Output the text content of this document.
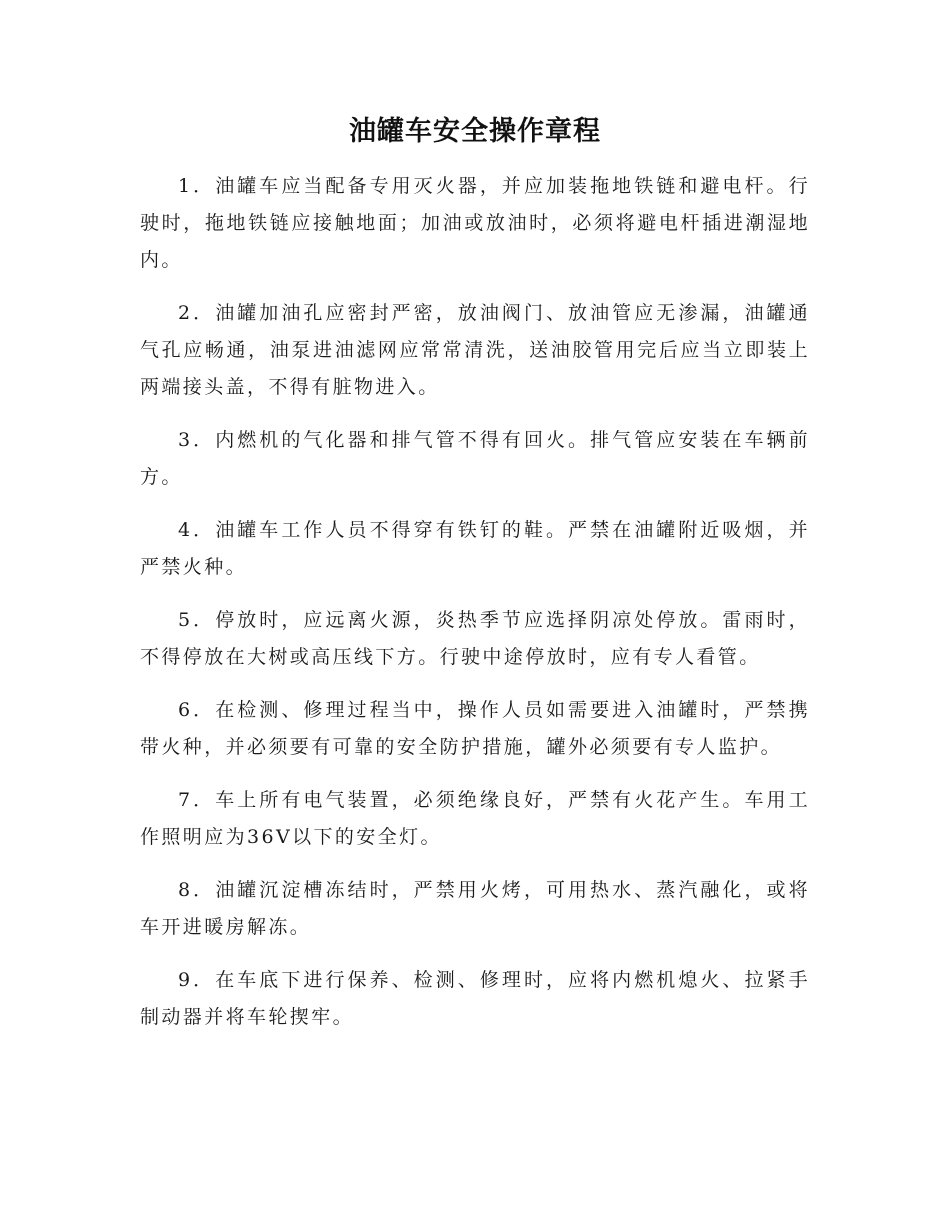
油罐车安全操作章程

1．油罐车应当配备专用灭火器，并应加装拖地铁链和避电杆。行驶时，拖地铁链应接触地面；加油或放油时，必须将避电杆插进潮湿地内。

2．油罐加油孔应密封严密，放油阀门、放油管应无渗漏，油罐通气孔应畅通，油泵进油滤网应常常清洗，送油胶管用完后应当立即装上两端接头盖，不得有脏物进入。

3．内燃机的气化器和排气管不得有回火。排气管应安装在车辆前方。

4．油罐车工作人员不得穿有铁钉的鞋。严禁在油罐附近吸烟，并严禁火种。

5．停放时，应远离火源，炎热季节应选择阴凉处停放。雷雨时，不得停放在大树或高压线下方。行驶中途停放时，应有专人看管。

6．在检测、修理过程当中，操作人员如需要进入油罐时，严禁携带火种，并必须要有可靠的安全防护措施，罐外必须要有专人监护。

7．车上所有电气装置，必须绝缘良好，严禁有火花产生。车用工作照明应为36V以下的安全灯。

8．油罐沉淀槽冻结时，严禁用火烤，可用热水、蒸汽融化，或将车开进暖房解冻。

9．在车底下进行保养、检测、修理时，应将内燃机熄火、拉紧手制动器并将车轮揳牢。
